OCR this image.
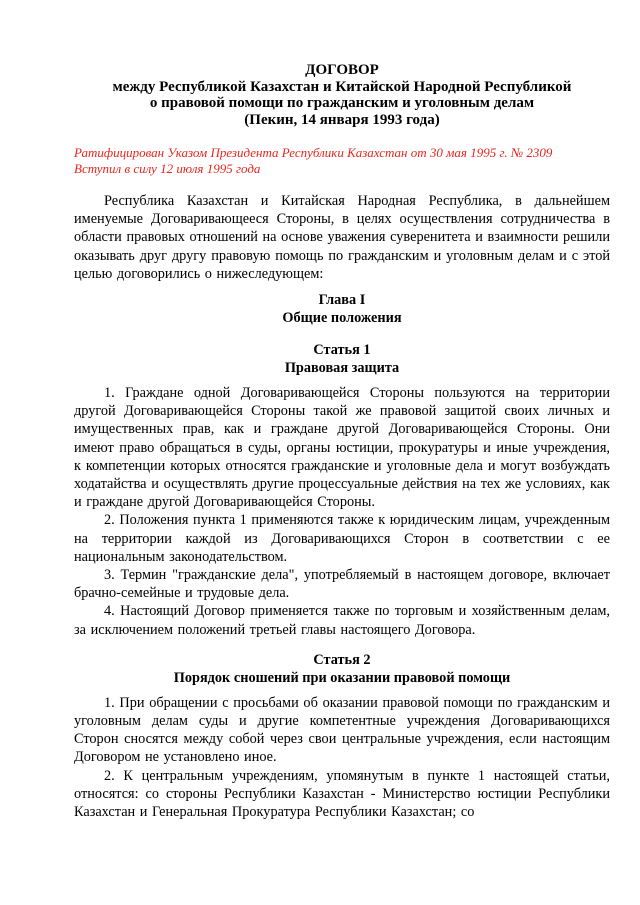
ДОГОВОР
между Республикой Казахстан и Китайской Народной Республикой
о правовой помощи по гражданским и уголовным делам
(Пекин, 14 января 1993 года)
Ратифицирован Указом Президента Республики Казахстан от 30 мая 1995 г. № 2309
Вступил в силу 12 июля 1995 года

Республика Казахстан и Китайская Народная Республика, в дальнейшем именуемые Договаривающееся Стороны, в целях осуществления сотрудничества в области правовых отношений на основе уважения суверенитета и взаимности решили оказывать друг другу правовую помощь по гражданским и уголовным делам и с этой целью договорились о нижеследующем:

Глава I
Общие положения
Статья 1
Правовая защита

1. Граждане одной Договаривающейся Стороны пользуются на территории другой Договаривающейся Стороны такой же правовой защитой своих личных и имущественных прав, как и граждане другой Договаривающейся Стороны. Они имеют право обращаться в суды, органы юстиции, прокуратуры и иные учреждения, к компетенции которых относятся гражданские и уголовные дела и могут возбуждать ходатайства и осуществлять другие процессуальные действия на тех же условиях, как и граждане другой Договаривающейся Стороны.

2. Положения пункта 1 применяются также к юридическим лицам, учрежденным на территории каждой из Договаривающихся Сторон в соответствии с ее национальным законодательством.

3. Термин "гражданские дела", употребляемый в настоящем договоре, включает брачно-семейные и трудовые дела.

4. Настоящий Договор применяется также по торговым и хозяйственным делам, за исключением положений третьей главы настоящего Договора.

Статья 2
Порядок сношений при оказании правовой помощи

1. При обращении с просьбами об оказании правовой помощи по гражданским и уголовным делам суды и другие компетентные учреждения Договаривающихся Сторон сносятся между собой через свои центральные учреждения, если настоящим Договором не установлено иное.

2. К центральным учреждениям, упомянутым в пункте 1 настоящей статьи, относятся: со стороны Республики Казахстан - Министерство юстиции Республики Казахстан и Генеральная Прокуратура Республики Казахстан; со
